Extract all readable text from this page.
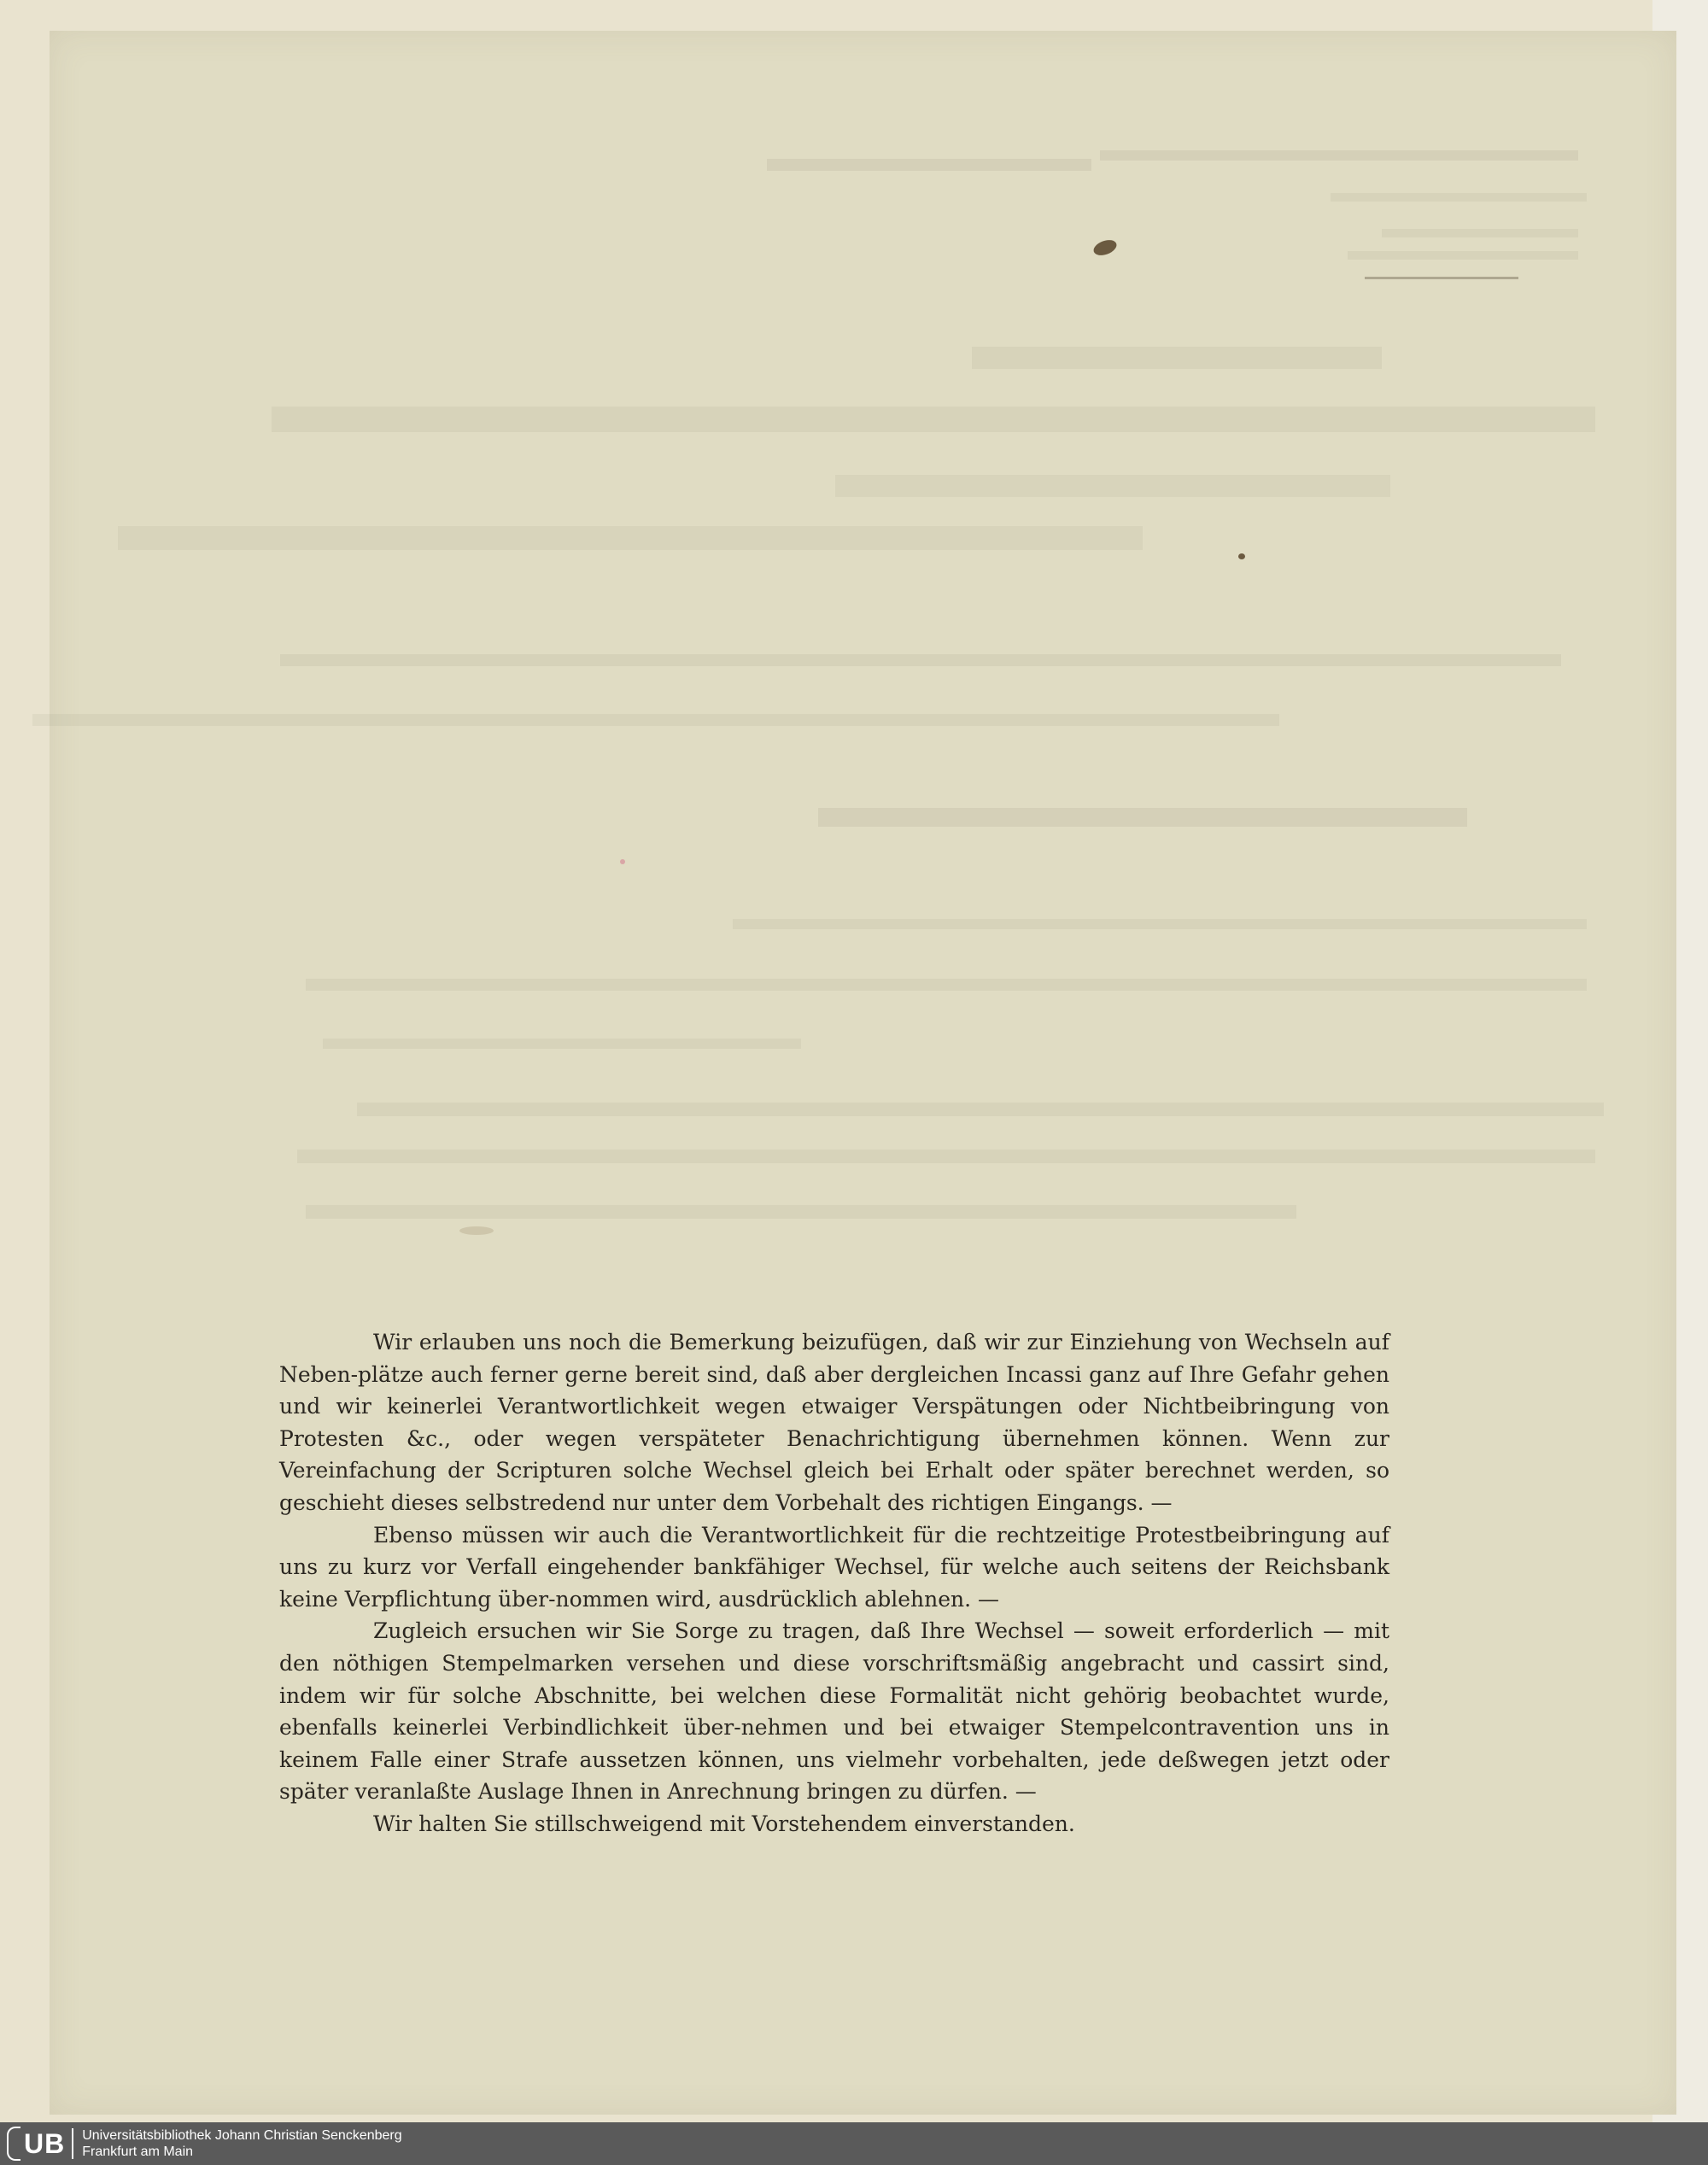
Wir erlauben uns noch die Bemerkung beizufügen, daß wir zur Einziehung von Wechseln auf Neben-plätze auch ferner gerne bereit sind, daß aber dergleichen Incassi ganz auf Ihre Gefahr gehen und wir keinerlei Verantwortlichkeit wegen etwaiger Verspätungen oder Nichtbeibringung von Protesten &c., oder wegen verspäteter Benachrichtigung übernehmen können. Wenn zur Vereinfachung der Scripturen solche Wechsel gleich bei Erhalt oder später berechnet werden, so geschieht dieses selbstredend nur unter dem Vorbehalt des richtigen Eingangs. —

Ebenso müssen wir auch die Verantwortlichkeit für die rechtzeitige Protestbeibringung auf uns zu kurz vor Verfall eingehender bankfähiger Wechsel, für welche auch seitens der Reichsbank keine Verpflichtung über-nommen wird, ausdrücklich ablehnen. —

Zugleich ersuchen wir Sie Sorge zu tragen, daß Ihre Wechsel — soweit erforderlich — mit den nöthigen Stempelmarken versehen und diese vorschriftsmäßig angebracht und cassirt sind, indem wir für solche Abschnitte, bei welchen diese Formalität nicht gehörig beobachtet wurde, ebenfalls keinerlei Verbindlichkeit über-nehmen und bei etwaiger Stempelcontravention uns in keinem Falle einer Strafe aussetzen können, uns vielmehr vorbehalten, jede deßwegen jetzt oder später veranlaßte Auslage Ihnen in Anrechnung bringen zu dürfen. —

Wir halten Sie stillschweigend mit Vorstehendem einverstanden.

UB Universitätsbibliothek Johann Christian Senckenberg
Frankfurt am Main
